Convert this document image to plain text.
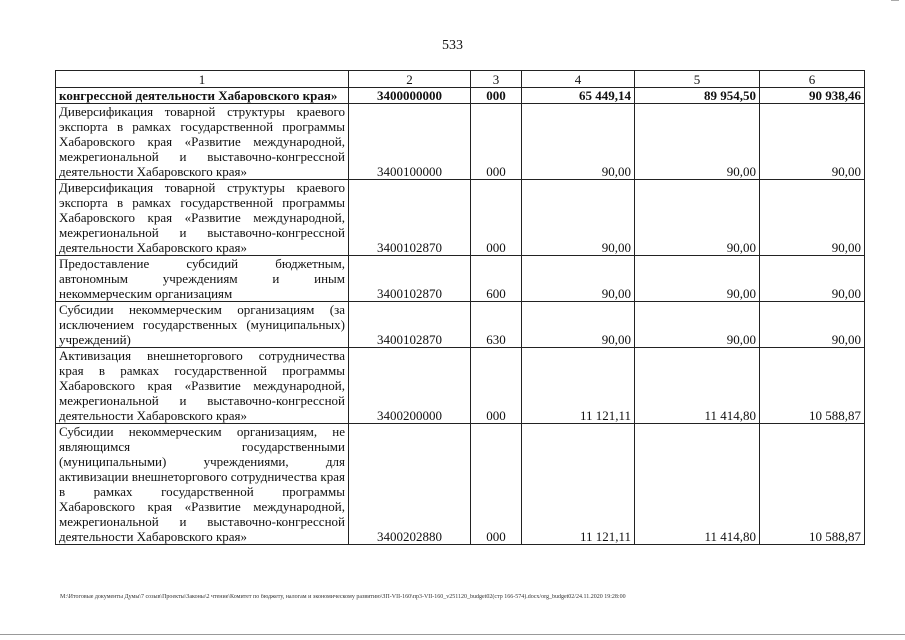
533
1	2	3	4	5	6
конгрессной деятельности Хабаровского края»	3400000000	000	65 449,14	89 954,50	90 938,46
Диверсификация товарной структуры краевого экспорта в рамках государственной программы Хабаровского края «Развитие международной, межрегиональной и выставочно-конгрессной деятельности Хабаровского края»	3400100000	000	90,00	90,00	90,00
Диверсификация товарной структуры краевого экспорта в рамках государственной программы Хабаровского края «Развитие международной, межрегиональной и выставочно-конгрессной деятельности Хабаровского края»	3400102870	000	90,00	90,00	90,00
Предоставление субсидий бюджетным, автономным учреждениям и иным некоммерческим организациям	3400102870	600	90,00	90,00	90,00
Субсидии некоммерческим организациям (за исключением государственных (муниципальных) учреждений)	3400102870	630	90,00	90,00	90,00
Активизация внешнеторгового сотрудничества края в рамках государственной программы Хабаровского края «Развитие международной, межрегиональной и выставочно-конгрессной деятельности Хабаровского края»	3400200000	000	11 121,11	11 414,80	10 588,87
Субсидии некоммерческим организациям, не являющимся государственными (муниципальными) учреждениями, для активизации внешнеторгового сотрудничества края в рамках государственной программы Хабаровского края «Развитие международной, межрегиональной и выставочно-конгрессной деятельности Хабаровского края»	3400202880	000	11 121,11	11 414,80	10 588,87
M:\Итоговые документы Думы\7 созыв\Проекты\Законы\2 чтение\Комитет по бюджету, налогам и экономическому развитию\ЗП-VII-160\пр3-VII-160_v251120_budget02(стр 166-574).docx/org_budget02/24.11.2020 19:28:00
